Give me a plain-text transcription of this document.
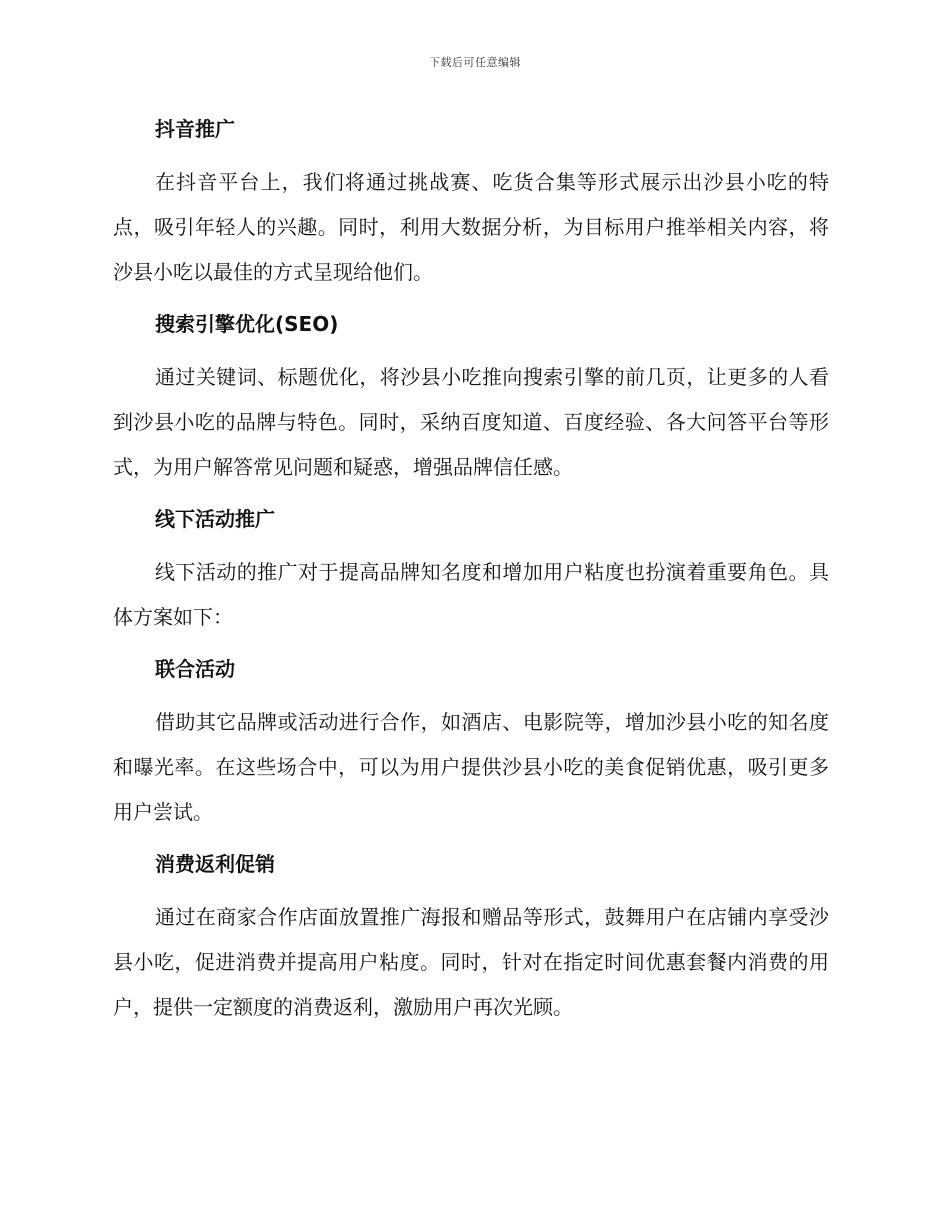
下载后可任意编辑
抖音推广

在抖音平台上，我们将通过挑战赛、吃货合集等形式展示出沙县小吃的特点，吸引年轻人的兴趣。同时，利用大数据分析，为目标用户推举相关内容，将沙县小吃以最佳的方式呈现给他们。

搜索引擎优化(SEO)

通过关键词、标题优化，将沙县小吃推向搜索引擎的前几页，让更多的人看到沙县小吃的品牌与特色。同时，采纳百度知道、百度经验、各大问答平台等形式，为用户解答常见问题和疑惑，增强品牌信任感。

线下活动推广

线下活动的推广对于提高品牌知名度和增加用户粘度也扮演着重要角色。具体方案如下：

联合活动

借助其它品牌或活动进行合作，如酒店、电影院等，增加沙县小吃的知名度和曝光率。在这些场合中，可以为用户提供沙县小吃的美食促销优惠，吸引更多用户尝试。

消费返利促销

通过在商家合作店面放置推广海报和赠品等形式，鼓舞用户在店铺内享受沙县小吃，促进消费并提高用户粘度。同时，针对在指定时间优惠套餐内消费的用户，提供一定额度的消费返利，激励用户再次光顾。
